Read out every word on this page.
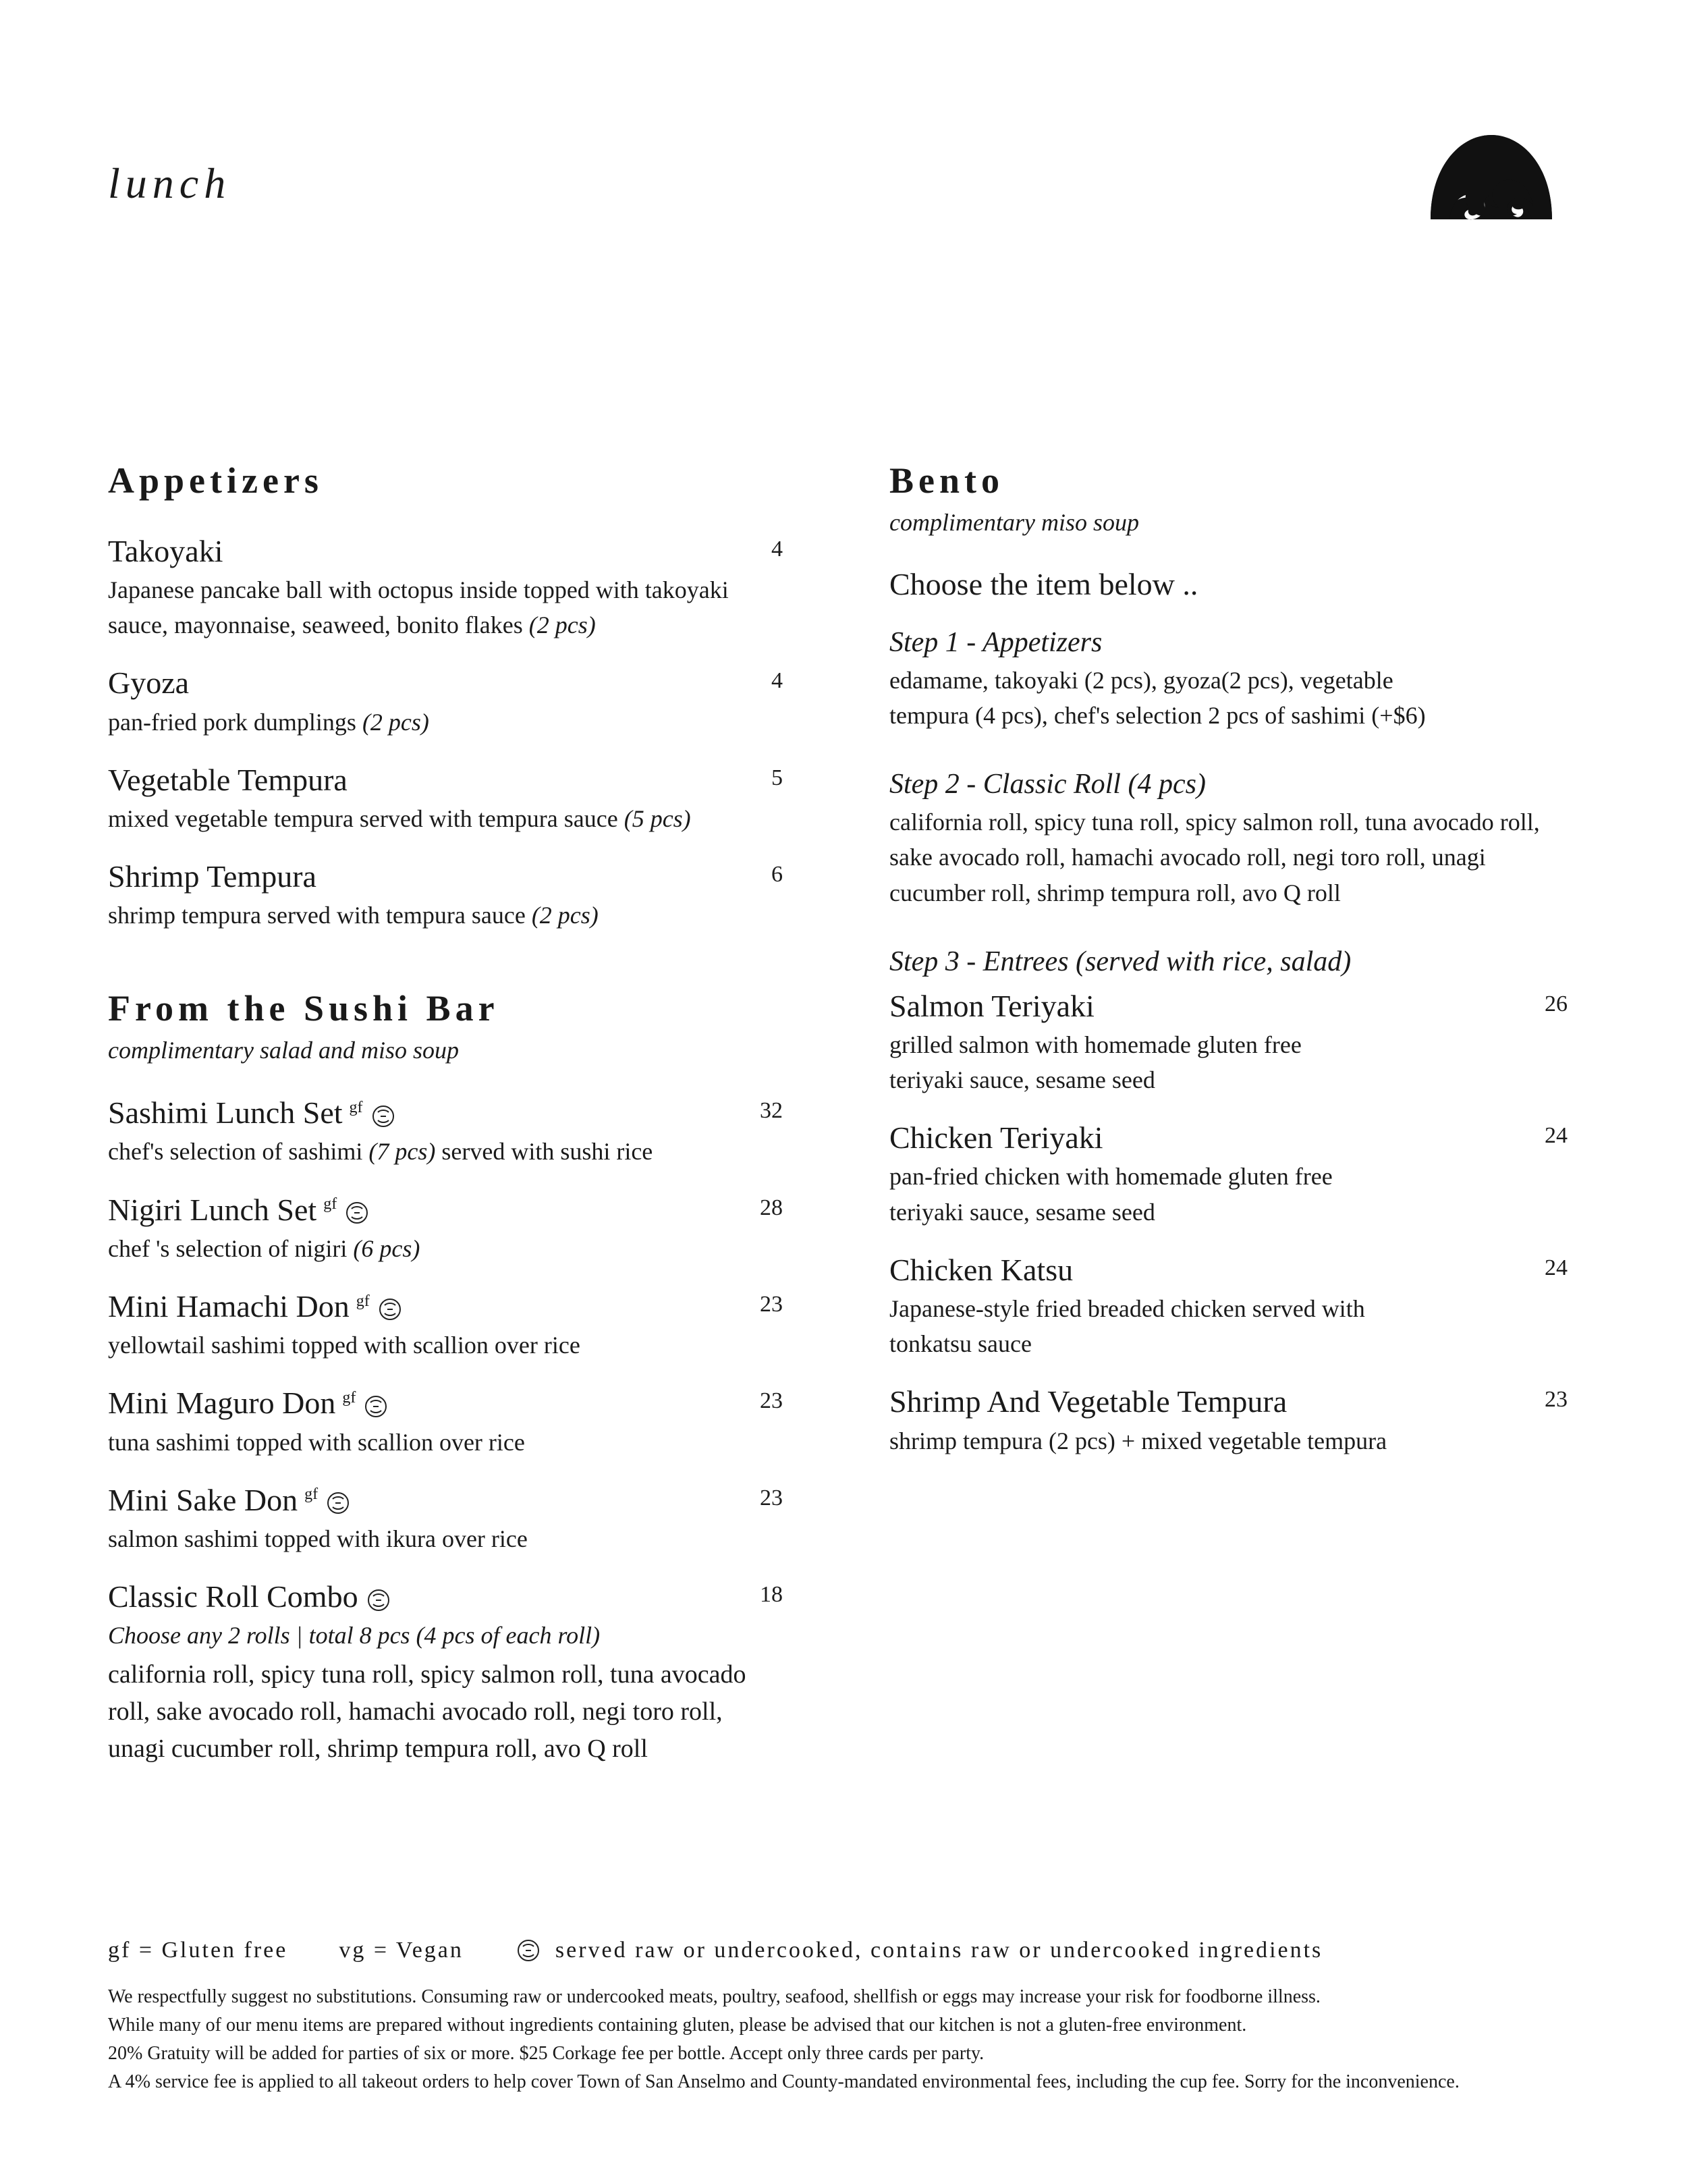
lunch
Appetizers
Takoyaki	4
Japanese pancake ball with octopus inside topped with takoyaki sauce, mayonnaise, seaweed, bonito flakes (2 pcs)
Gyoza	4
pan-fried pork dumplings (2 pcs)
Vegetable Tempura	5
mixed vegetable tempura served with tempura sauce (5 pcs)
Shrimp Tempura	6
shrimp tempura served with tempura sauce (2 pcs)
From the Sushi Bar
complimentary salad and miso soup
Sashimi Lunch Set $^{gf}$	32
chef's selection of sashimi (7 pcs) served with sushi rice
Nigiri Lunch Set $^{gf}$	28
chef 's selection of nigiri (6 pcs)
Mini Hamachi Don $^{gf}$	23
yellowtail sashimi topped with scallion over rice
Mini Maguro Don $^{gf}$	23
tuna sashimi topped with scallion over rice
Mini Sake Don $^{gf}$	23
salmon sashimi topped with ikura over rice
Classic Roll Combo	18
Choose any 2 rolls | total 8 pcs (4 pcs of each roll)
california roll, spicy tuna roll, spicy salmon roll, tuna avocado roll, sake avocado roll, hamachi avocado roll, negi toro roll, unagi cucumber roll, shrimp tempura roll, avo Q roll
Bento
complimentary miso soup
Choose the item below ..
Step 1 - Appetizers
edamame, takoyaki (2 pcs), gyoza(2 pcs), vegetable tempura (4 pcs), chef's selection 2 pcs of sashimi (+$6)
Step 2 - Classic Roll (4 pcs)
california roll, spicy tuna roll, spicy salmon roll, tuna avocado roll, sake avocado roll, hamachi avocado roll, negi toro roll, unagi cucumber roll, shrimp tempura roll, avo Q roll
Step 3 - Entrees (served with rice, salad)
Salmon Teriyaki	26
grilled salmon with homemade gluten free teriyaki sauce, sesame seed
Chicken Teriyaki	24
pan-fried chicken with homemade gluten free teriyaki sauce, sesame seed
Chicken Katsu	24
Japanese-style fried breaded chicken served with tonkatsu sauce
Shrimp And Vegetable Tempura	23
shrimp tempura (2 pcs) + mixed vegetable tempura
gf = Gluten free vg = Vegan	served raw or undercooked, contains raw or undercooked ingredients
We respectfully suggest no substitutions. Consuming raw or undercooked meats, poultry, seafood, shellfish or eggs may increase your risk for foodborne illness.
While many of our menu items are prepared without ingredients containing gluten, please be advised that our kitchen is not a gluten-free environment.
20% Gratuity will be added for parties of six or more. $25 Corkage fee per bottle. Accept only three cards per party.
A 4% service fee is applied to all takeout orders to help cover Town of San Anselmo and County-mandated environmental fees, including the cup fee. Sorry for the inconvenience.
